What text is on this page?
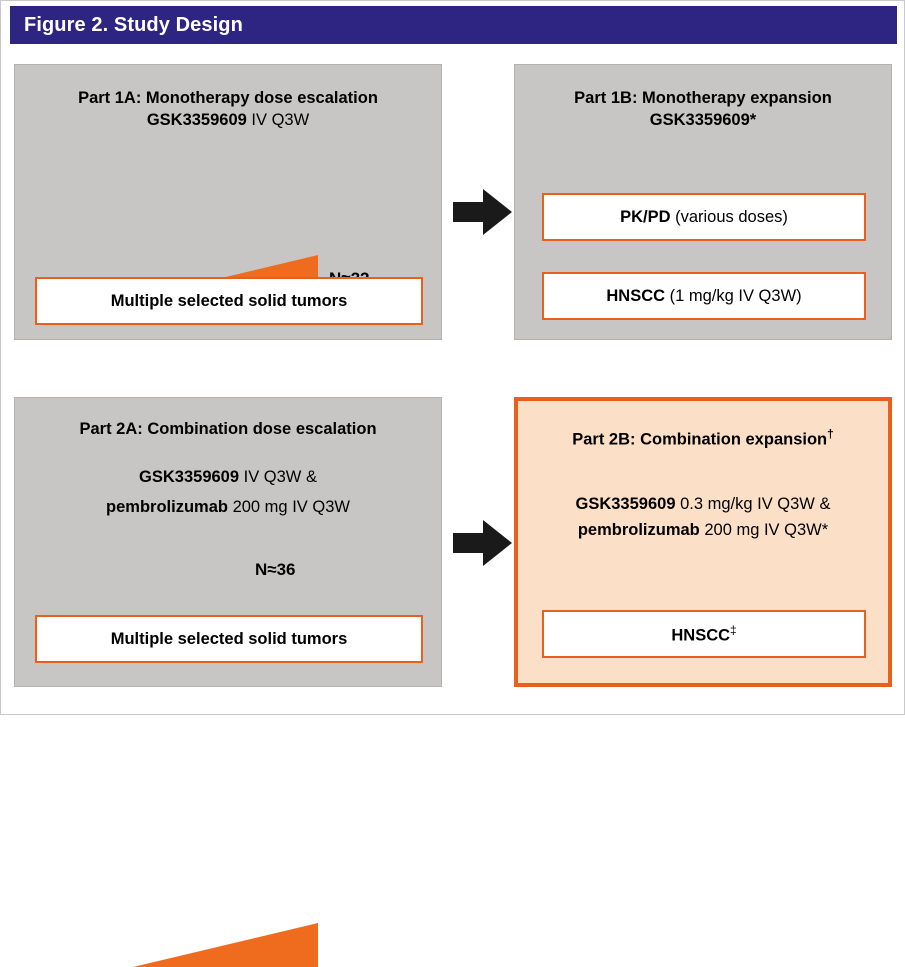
Figure 2. Study Design
Part 1A: Monotherapy dose escalation
GSK3359609 IV Q3W
Multiple selected solid tumors
Part 1B: Monotherapy expansion
GSK3359609*
PK/PD (various doses)
HNSCC (1 mg/kg IV Q3W)
Part 2A: Combination dose escalation
GSK3359609 IV Q3W &
pembrolizumab 200 mg IV Q3W
N≈36
Multiple selected solid tumors
Part 2B: Combination expansion†
GSK3359609 0.3 mg/kg IV Q3W &
pembrolizumab 200 mg IV Q3W*
HNSCC‡
